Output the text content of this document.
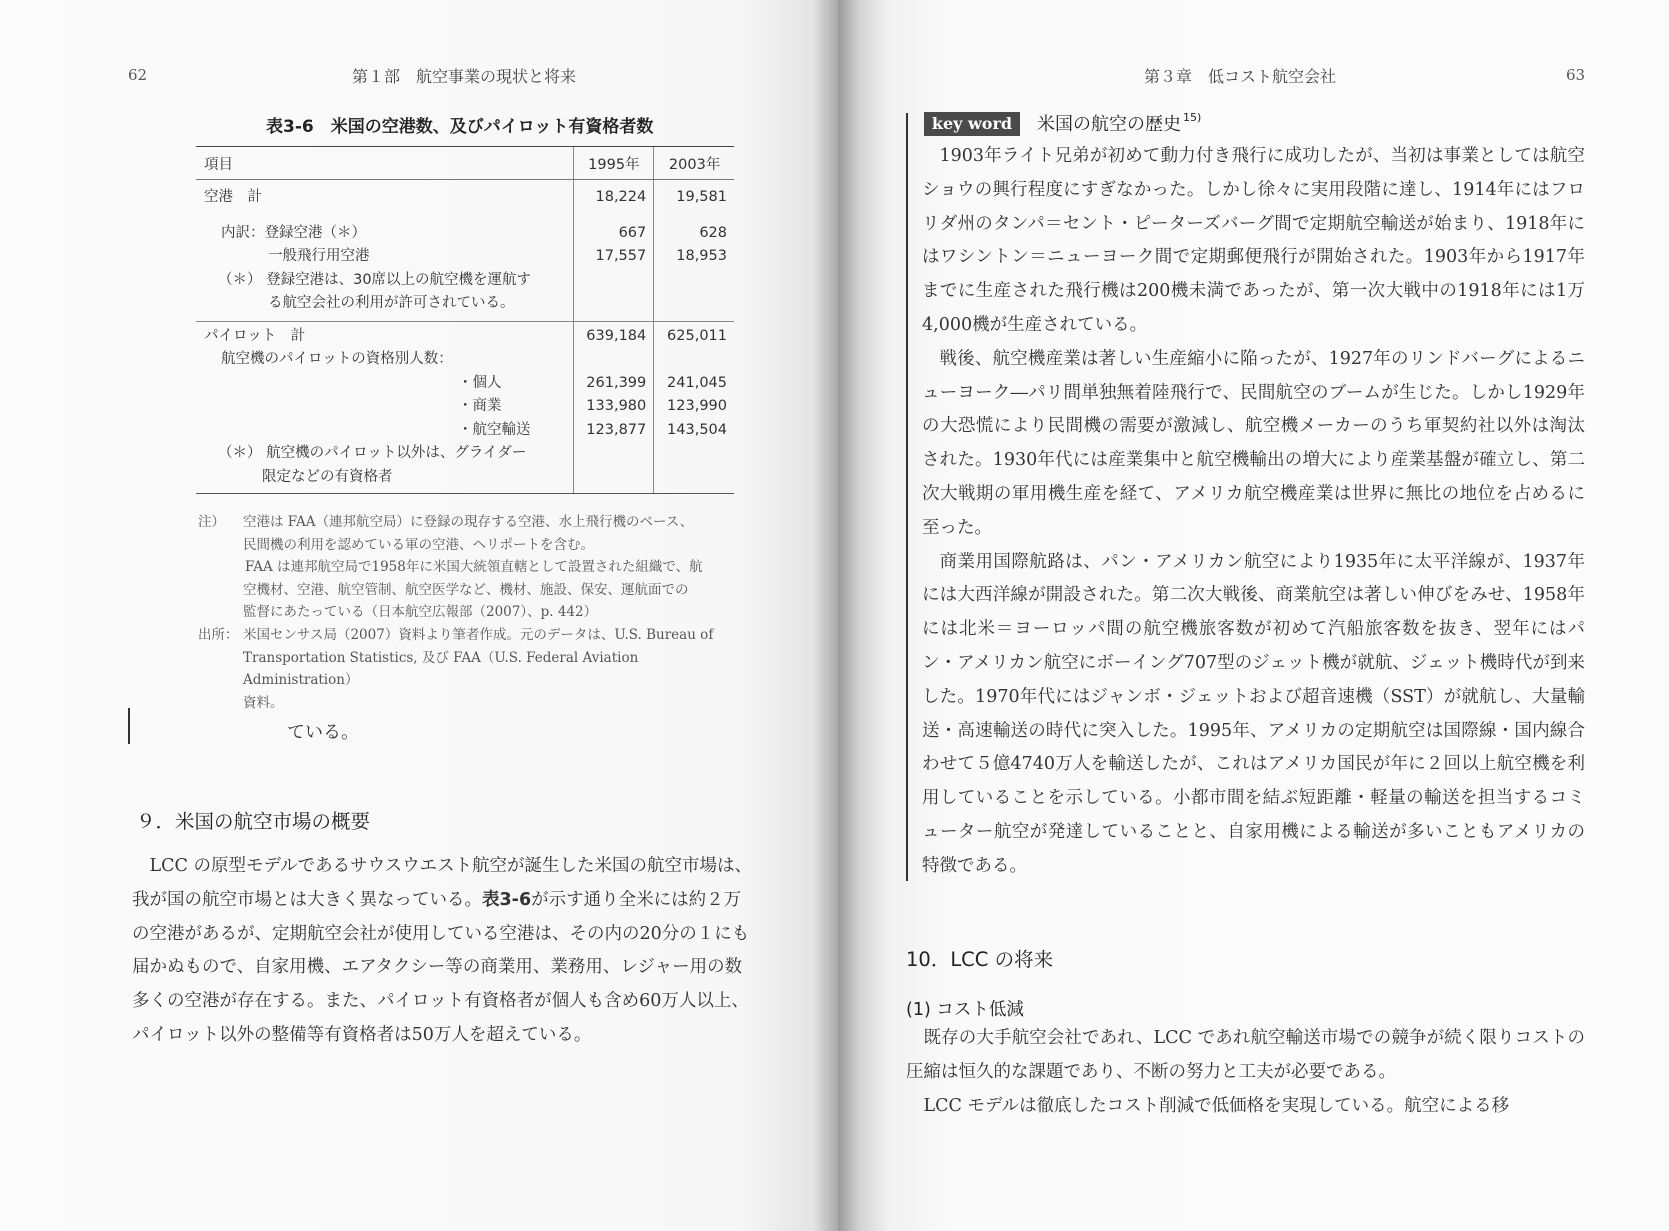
62	第１部　航空事業の現状と将来
表3-6　米国の空港数、及びパイロット有資格者数
項目	1995年	2003年
空港　計	18,224	19,581

内訳：登録空港（＊）	667	628
一般飛行用空港	17,557	18,953
（＊） 登録空港は、30席以上の航空機を運航す		
る航空会社の利用が許可されている。		
パイロット　計	639,184	625,011
航空機のパイロットの資格別人数：		
・個人	261,399	241,045
・商業	133,980	123,990
・航空輸送	123,877	143,504
（＊） 航空機のパイロット以外は、グライダー		
限定などの有資格者		
注） 空港は FAA（連邦航空局）に登録の現存する空港、水上飛行機のベース、
民間機の利用を認めている軍の空港、ヘリポートを含む。
FAA は連邦航空局で1958年に米国大統領直轄として設置された組織で、航
空機材、空港、航空管制、航空医学など、機材、施設、保安、運航面での
監督にあたっている（日本航空広報部（2007）、p. 442）
出所： 米国センサス局（2007）資料より筆者作成。元のデータは、U.S. Bureau of
Transportation Statistics, 及び FAA（U.S. Federal Aviation Administration）
資料。
ている。
９．米国の航空市場の概要
LCC の原型モデルであるサウスウエスト航空が誕生した米国の航空市場は、
我が国の航空市場とは大きく異なっている。表3-6が示す通り全米には約２万
の空港があるが、定期航空会社が使用している空港は、その内の20分の１にも
届かぬもので、自家用機、エアタクシー等の商業用、業務用、レジャー用の数
多くの空港が存在する。また、パイロット有資格者が個人も含め60万人以上、
パイロット以外の整備等有資格者は50万人を超えている。
第３章　低コスト航空会社	63
key word	米国の航空の歴史 $^{15)}$

1903年ライト兄弟が初めて動力付き飛行に成功したが、当初は事業としては航空ショウの興行程度にすぎなかった。しかし徐々に実用段階に達し、1914年にはフロリダ州のタンパ＝セント・ピーターズバーグ間で定期航空輸送が始まり、1918年にはワシントン＝ニューヨーク間で定期郵便飛行が開始された。1903年から1917年までに生産された飛行機は200機未満であったが、第一次大戦中の1918年には1万4,000機が生産されている。

戦後、航空機産業は著しい生産縮小に陥ったが、1927年のリンドバーグによるニューヨーク―パリ間単独無着陸飛行で、民間航空のブームが生じた。しかし1929年の大恐慌により民間機の需要が激減し、航空機メーカーのうち軍契約社以外は淘汰された。1930年代には産業集中と航空機輸出の増大により産業基盤が確立し、第二次大戦期の軍用機生産を経て、アメリカ航空機産業は世界に無比の地位を占めるに至った。

商業用国際航路は、パン・アメリカン航空により1935年に太平洋線が、1937年には大西洋線が開設された。第二次大戦後、商業航空は著しい伸びをみせ、1958年には北米＝ヨーロッパ間の航空機旅客数が初めて汽船旅客数を抜き、翌年にはパン・アメリカン航空にボーイング707型のジェット機が就航、ジェット機時代が到来した。1970年代にはジャンボ・ジェットおよび超音速機（SST）が就航し、大量輸送・高速輸送の時代に突入した。1995年、アメリカの定期航空は国際線・国内線合わせて５億4740万人を輸送したが、これはアメリカ国民が年に２回以上航空機を利用していることを示している。小都市間を結ぶ短距離・軽量の輸送を担当するコミューター航空が発達していることと、自家用機による輸送が多いこともアメリカの特徴である。

10．LCC の将来
(1) コスト低減

既存の大手航空会社であれ、LCC であれ航空輸送市場での競争が続く限りコストの圧縮は恒久的な課題であり、不断の努力と工夫が必要である。

LCC モデルは徹底したコスト削減で低価格を実現している。航空による移
